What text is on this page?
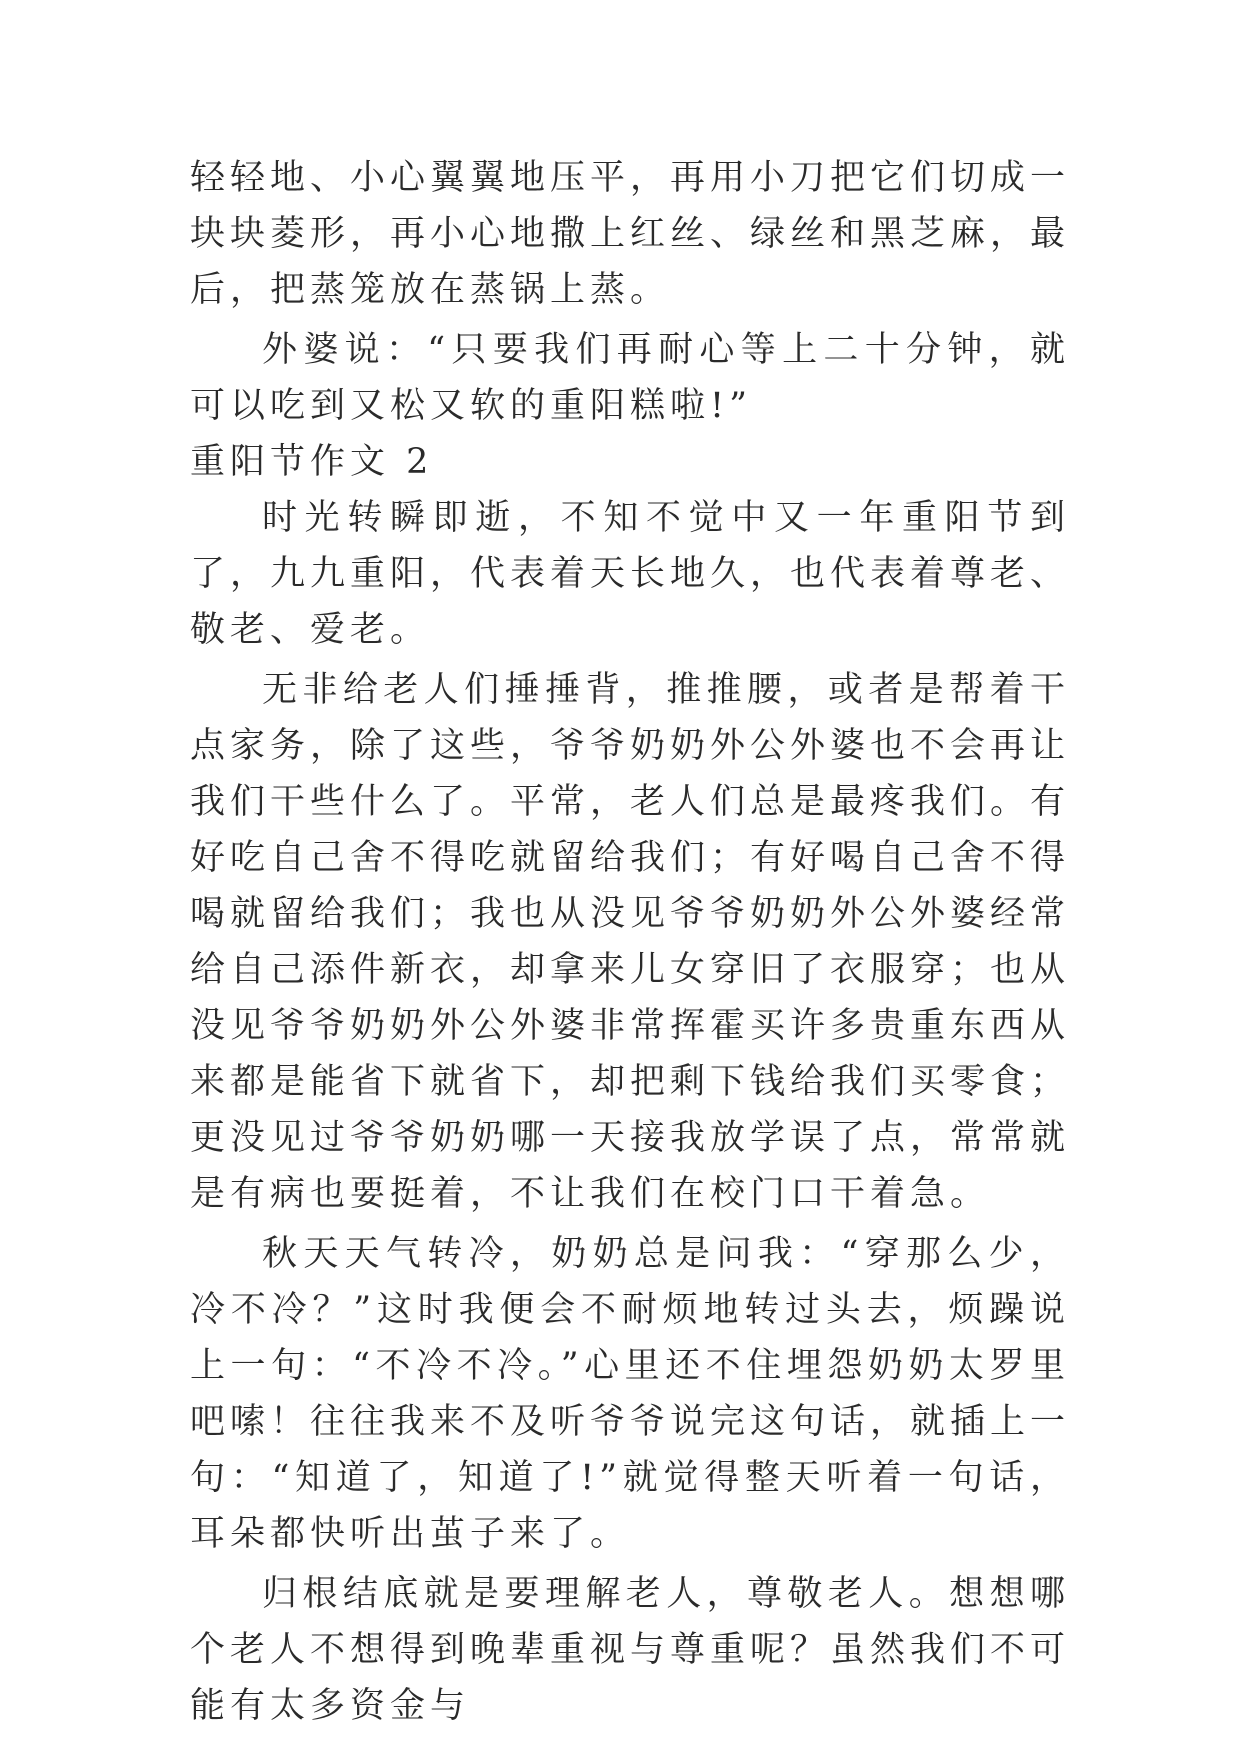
轻轻地、小心翼翼地压平，再用小刀把它们切成一块块菱形，再小心地撒上红丝、绿丝和黑芝麻，最后，把蒸笼放在蒸锅上蒸。

外婆说：“只要我们再耐心等上二十分钟，就可以吃到又松又软的重阳糕啦!”

重阳节作文 2

时光转瞬即逝，不知不觉中又一年重阳节到了，九九重阳，代表着天长地久，也代表着尊老、敬老、爱老。

无非给老人们捶捶背，推推腰，或者是帮着干点家务，除了这些，爷爷奶奶外公外婆也不会再让我们干些什么了。平常，老人们总是最疼我们。有好吃自己舍不得吃就留给我们；有好喝自己舍不得喝就留给我们；我也从没见爷爷奶奶外公外婆经常给自己添件新衣，却拿来儿女穿旧了衣服穿；也从没见爷爷奶奶外公外婆非常挥霍买许多贵重东西从来都是能省下就省下，却把剩下钱给我们买零食；更没见过爷爷奶奶哪一天接我放学误了点，常常就是有病也要挺着，不让我们在校门口干着急。

秋天天气转冷，奶奶总是问我：“穿那么少，冷不冷？”这时我便会不耐烦地转过头去，烦躁说上一句：“不冷不冷。”心里还不住埋怨奶奶太罗里吧嗦！往往我来不及听爷爷说完这句话，就插上一句：“知道了，知道了!”就觉得整天听着一句话，耳朵都快听出茧子来了。

归根结底就是要理解老人，尊敬老人。想想哪个老人不想得到晚辈重视与尊重呢？虽然我们不可能有太多资金与
